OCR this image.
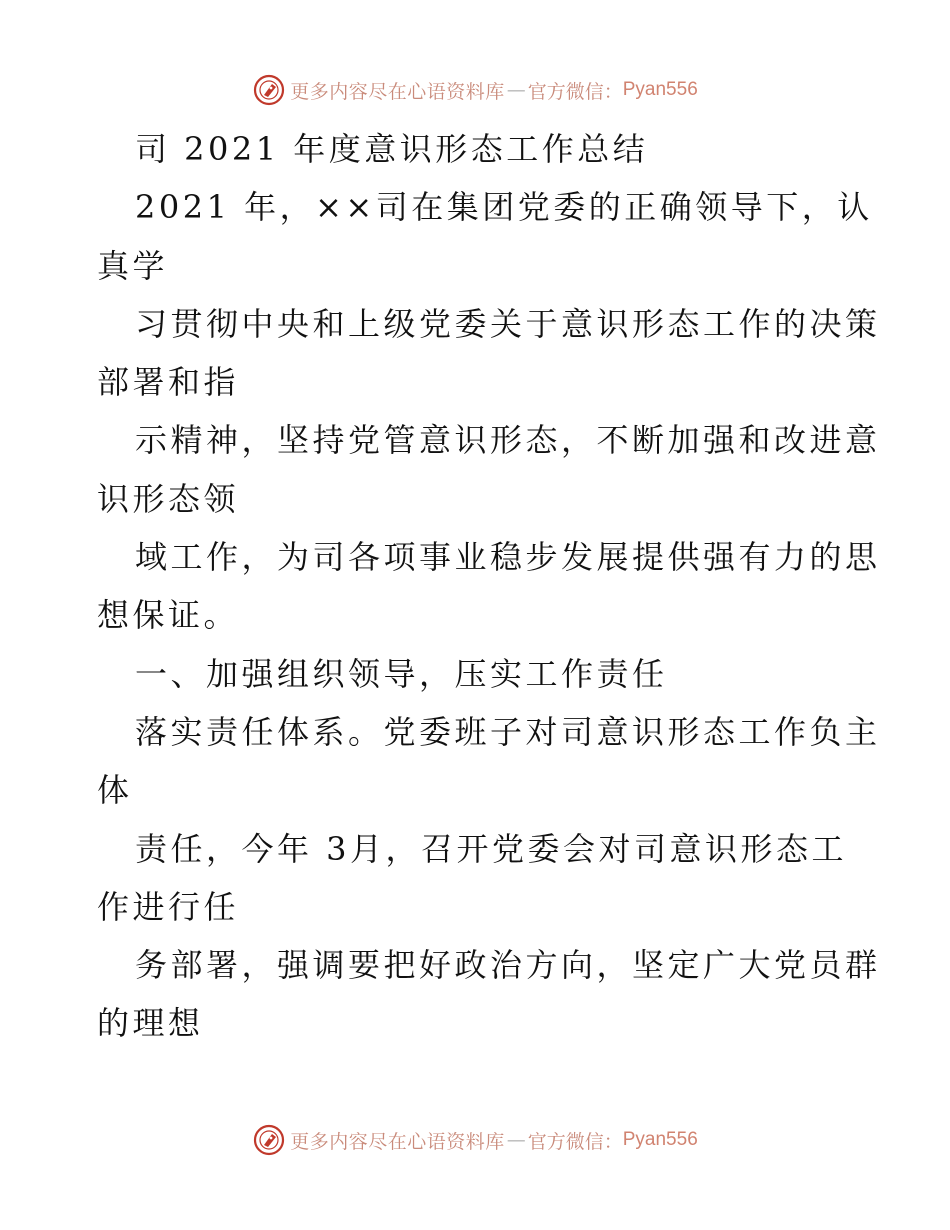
更多内容尽在心语资料库 — 官方微信： Pyan556
司 2021 年度意识形态工作总结
2021 年，××司在集团党委的正确领导下，认
真学
习贯彻中央和上级党委关于意识形态工作的决策
部署和指
示精神，坚持党管意识形态，不断加强和改进意
识形态领
域工作，为司各项事业稳步发展提供强有力的思
想保证。
一、加强组织领导，压实工作责任
落实责任体系。党委班子对司意识形态工作负主
体
责任，今年 3月，召开党委会对司意识形态工
作进行任
务部署，强调要把好政治方向，坚定广大党员群
的理想
更多内容尽在心语资料库 — 官方微信： Pyan556
